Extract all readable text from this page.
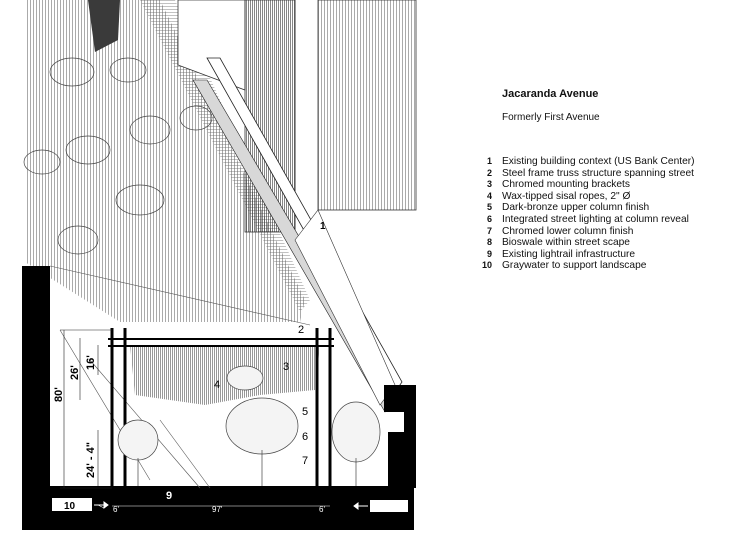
1
2
3
4
5
6
7
9
10
80'
26'
16'
24' - 4"
97'
6'	6'
Jacaranda Avenue
Formerly First Avenue
1 Existing building context (US Bank Center)
2 Steel frame truss structure spanning street
3 Chromed mounting brackets
4 Wax-tipped sisal ropes, 2" Ø
5 Dark-bronze upper column finish
6 Integrated street lighting at column reveal
7 Chromed lower column finish
8 Bioswale within street scape
9 Existing lightrail infrastructure
10 Graywater to support landscape
